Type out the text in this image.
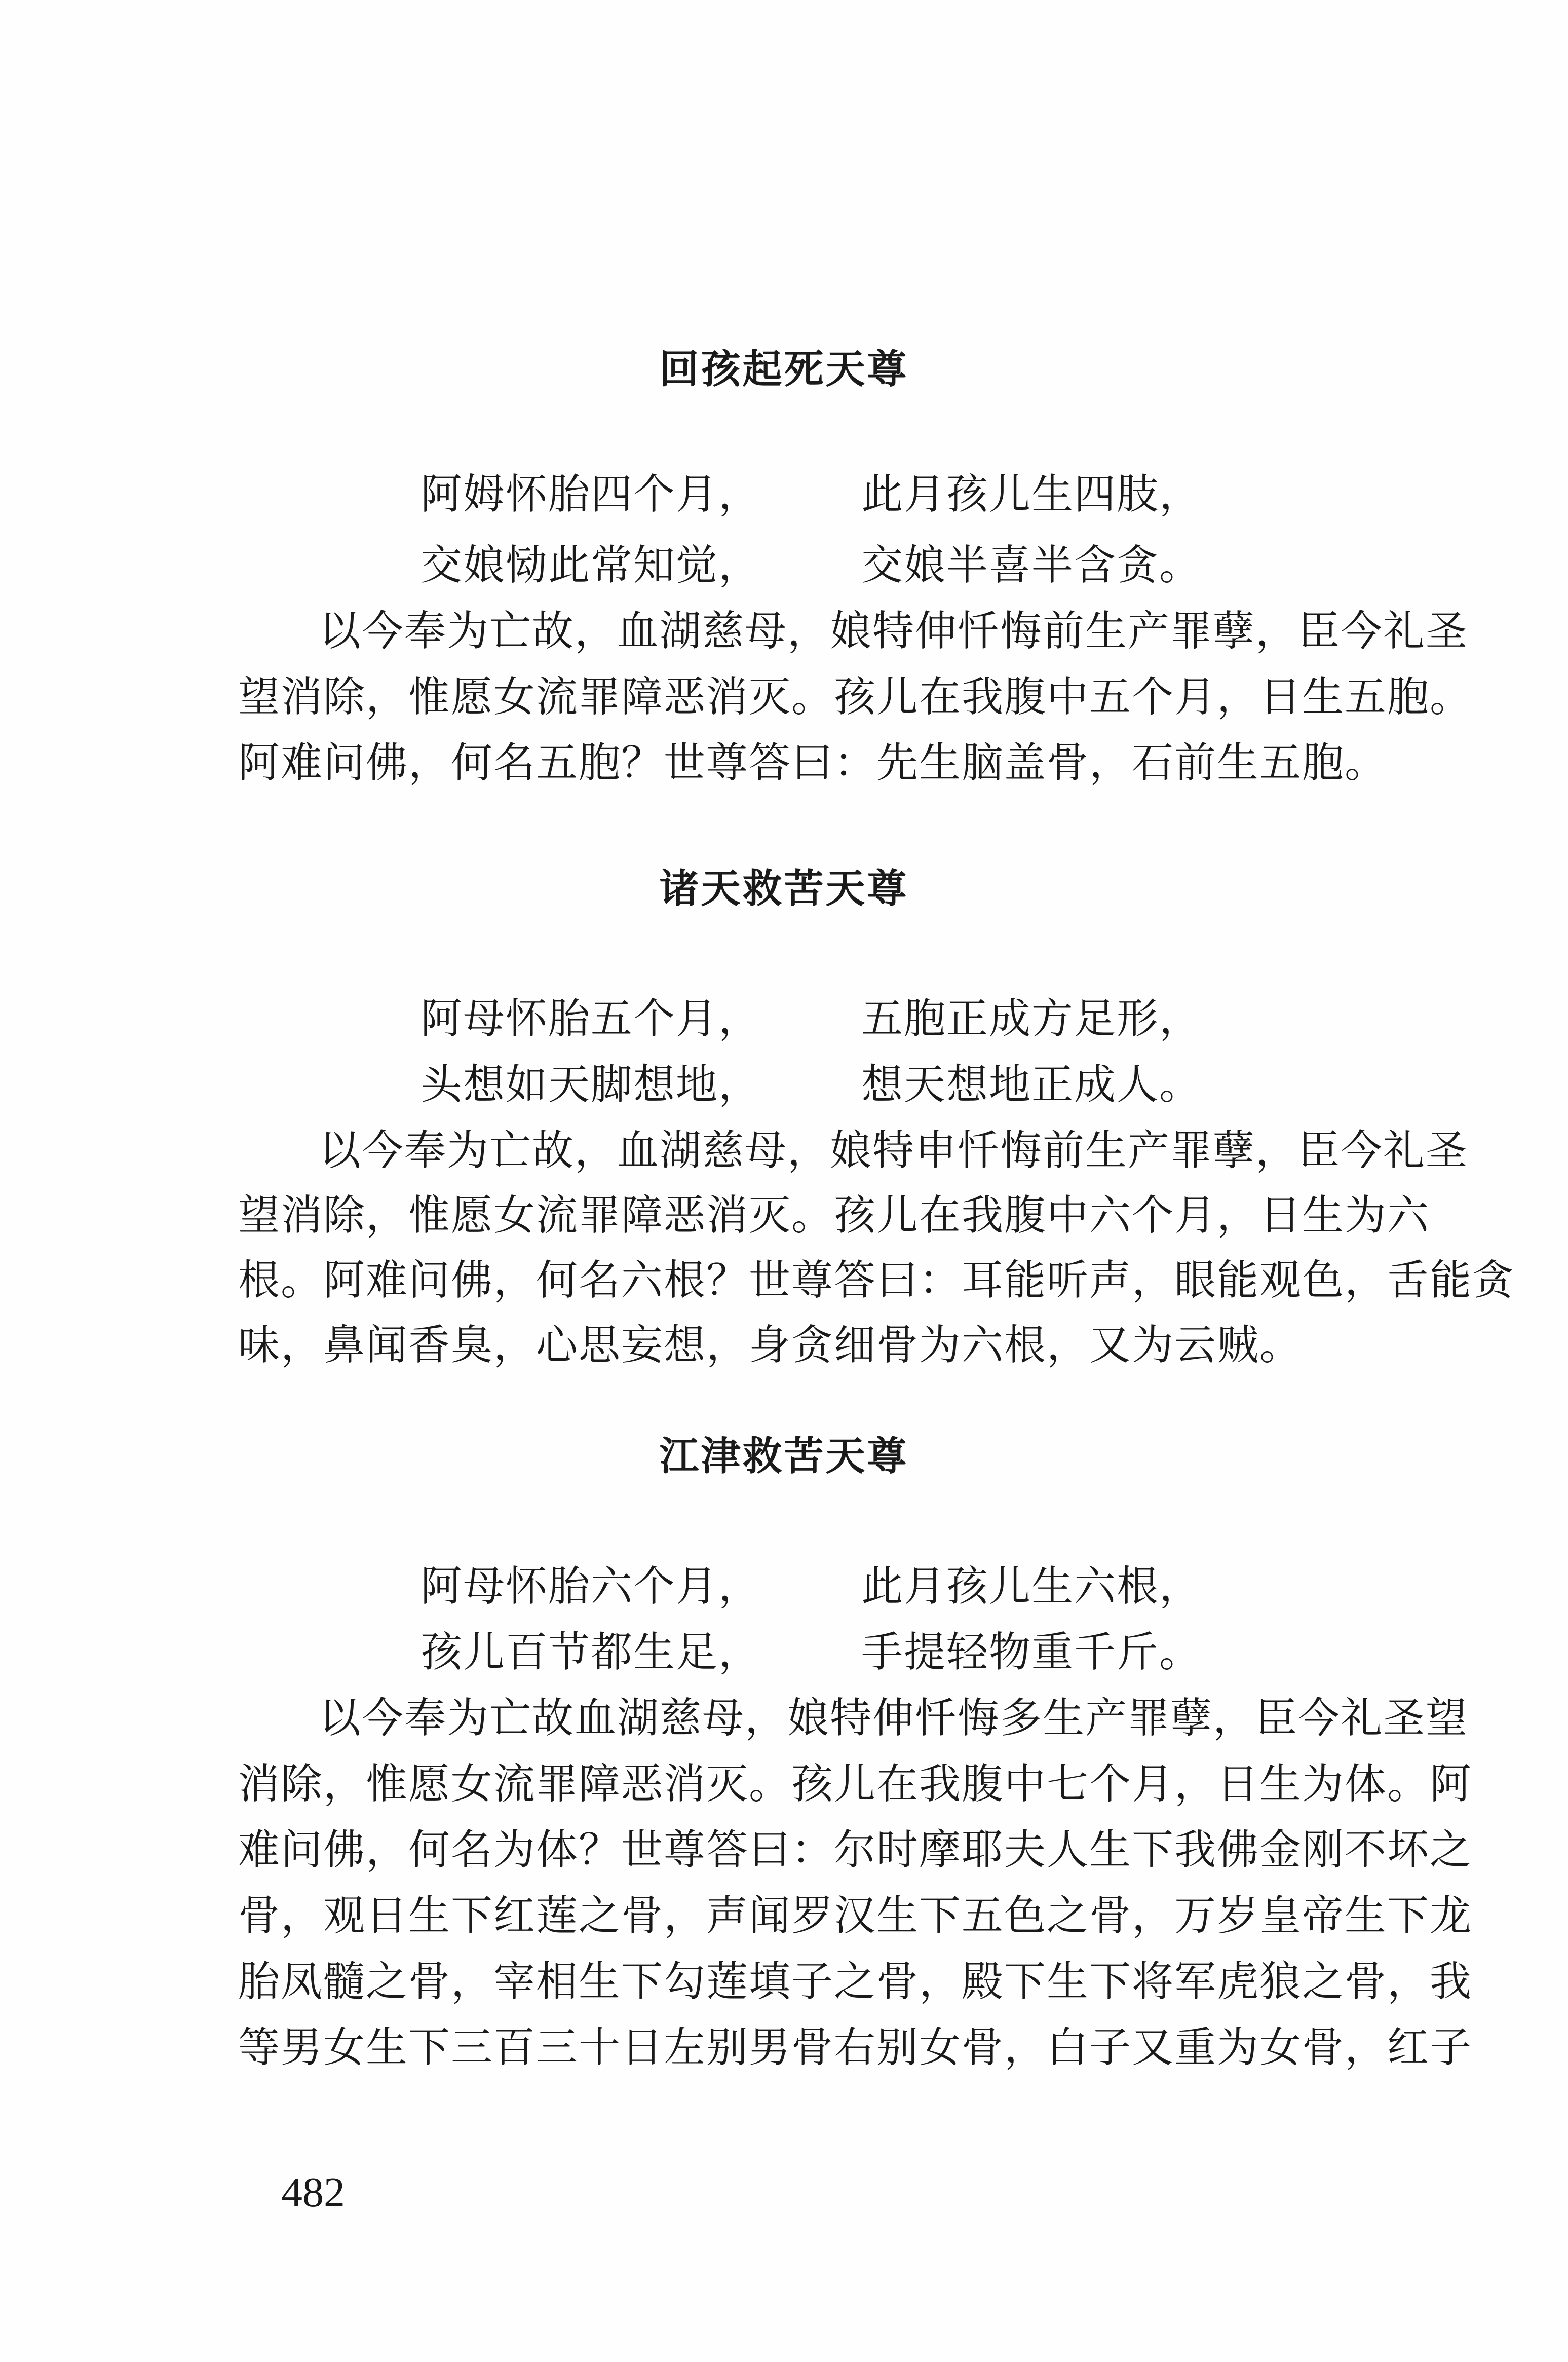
回孩起死天尊
阿姆怀胎四个月， 此月孩儿生四肢，
交娘恸此常知觉， 交娘半喜半含贪。
以今奉为亡故，血湖慈母，娘特伸忏悔前生产罪孽，臣今礼圣
望消除，惟愿女流罪障恶消灭。孩儿在我腹中五个月，日生五胞。
阿难问佛，何名五胞？世尊答曰：先生脑盖骨，石前生五胞。
诸天救苦天尊
阿母怀胎五个月， 五胞正成方足形，
头想如天脚想地， 想天想地正成人。
以今奉为亡故，血湖慈母，娘特申忏悔前生产罪孽，臣今礼圣
望消除，惟愿女流罪障恶消灭。孩儿在我腹中六个月，日生为六
根。阿难问佛，何名六根？世尊答曰：耳能听声，眼能观色，舌能贪
味，鼻闻香臭，心思妄想，身贪细骨为六根，又为云贼。
江津救苦天尊
阿母怀胎六个月， 此月孩儿生六根，
孩儿百节都生足， 手提轻物重千斤。
以今奉为亡故血湖慈母，娘特伸忏悔多生产罪孽，臣今礼圣望
消除，惟愿女流罪障恶消灭。孩儿在我腹中七个月，日生为体。阿
难问佛，何名为体？世尊答曰：尔时摩耶夫人生下我佛金刚不坏之
骨，观日生下红莲之骨，声闻罗汉生下五色之骨，万岁皇帝生下龙
胎凤髓之骨，宰相生下勾莲填子之骨，殿下生下将军虎狼之骨，我
等男女生下三百三十日左别男骨右别女骨，白子又重为女骨，红子
482
